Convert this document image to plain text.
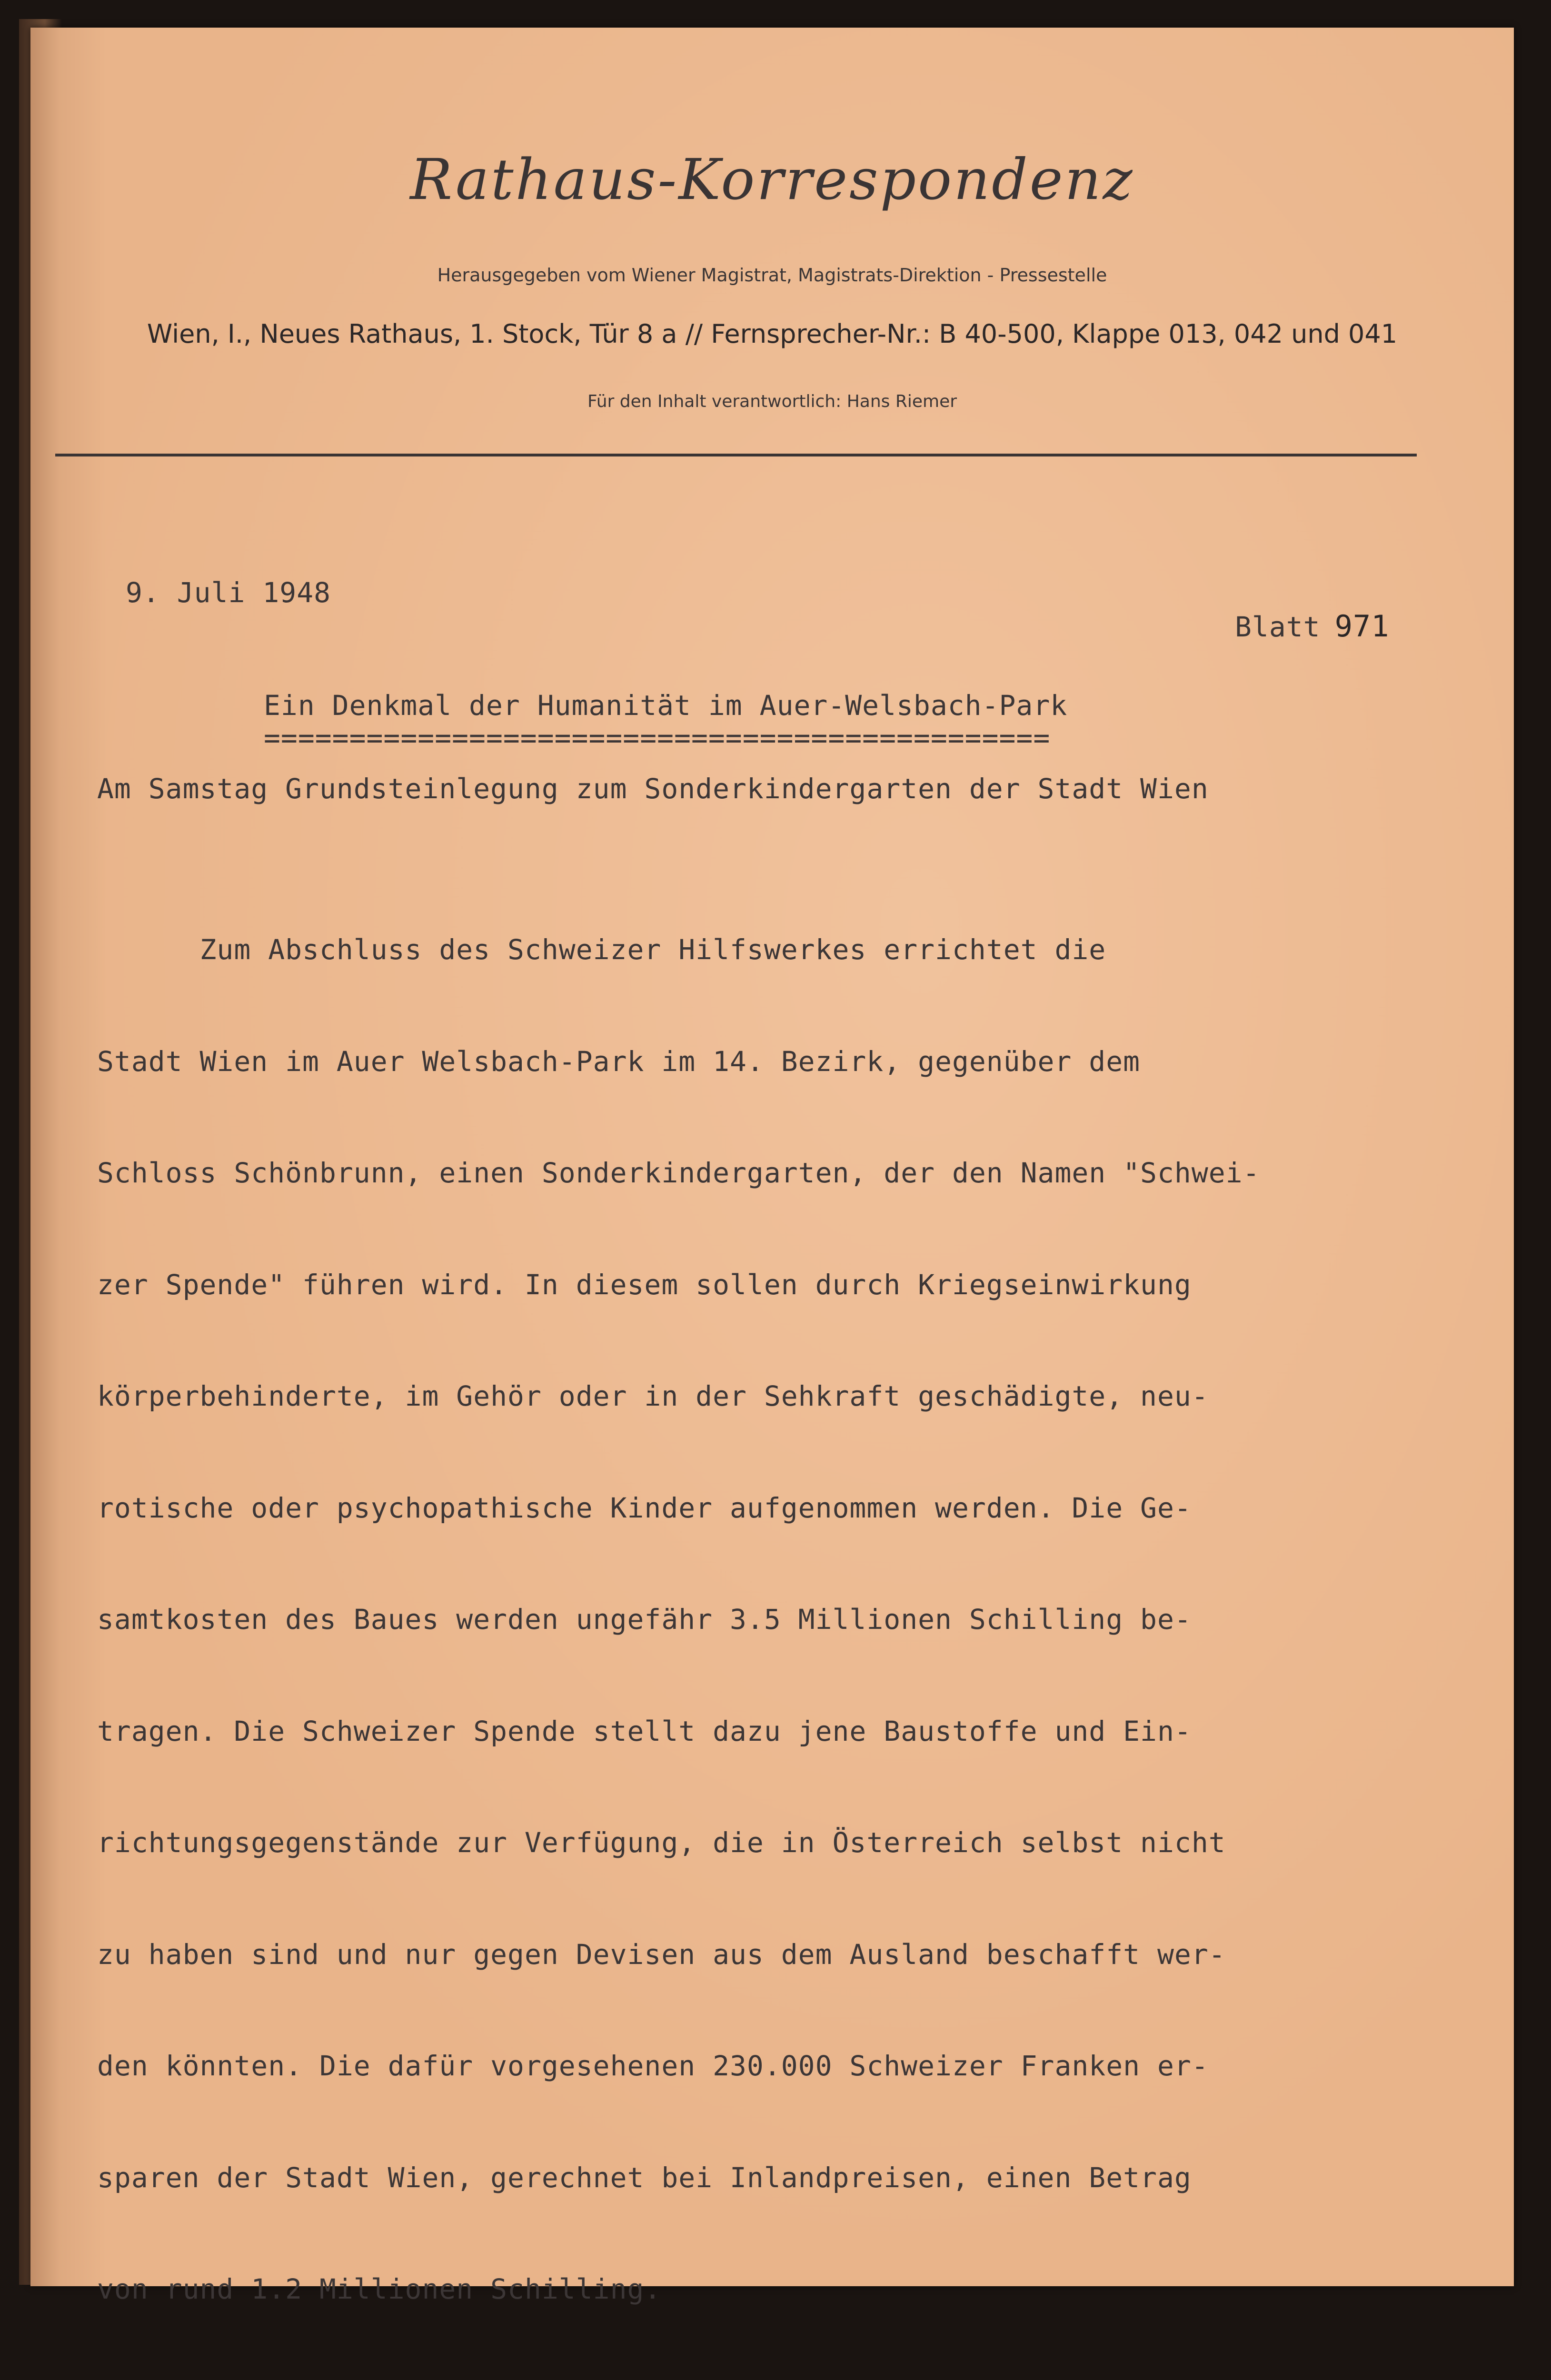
Rathaus-Korrespondenz
Herausgegeben vom Wiener Magistrat, Magistrats-Direktion - Pressestelle
Wien, I., Neues Rathaus, 1. Stock, Tür 8 a // Fernsprecher-Nr.: B 40-500, Klappe 013, 042 und 041
Für den Inhalt verantwortlich: Hans Riemer

9. Juli 1948

Blatt 971

Ein Denkmal der Humanität im Auer-Welsbach-Park
==============================================
Am Samstag Grundsteinlegung zum Sonderkindergarten der Stadt Wien

Zum Abschluss des Schweizer Hilfswerkes errichtet die

Stadt Wien im Auer Welsbach-Park im 14. Bezirk, gegenüber dem

Schloss Schönbrunn, einen Sonderkindergarten, der den Namen "Schwei-

zer Spende" führen wird. In diesem sollen durch Kriegseinwirkung

körperbehinderte, im Gehör oder in der Sehkraft geschädigte, neu-

rotische oder psychopathische Kinder aufgenommen werden. Die Ge-

samtkosten des Baues werden ungefähr 3.5 Millionen Schilling be-

tragen. Die Schweizer Spende stellt dazu jene Baustoffe und Ein-

richtungsgegenstände zur Verfügung, die in Österreich selbst nicht

zu haben sind und nur gegen Devisen aus dem Ausland beschafft wer-

den könnten. Die dafür vorgesehenen 230.000 Schweizer Franken er-

sparen der Stadt Wien, gerechnet bei Inlandpreisen, einen Betrag

von rund 1.2 Millionen Schilling.
